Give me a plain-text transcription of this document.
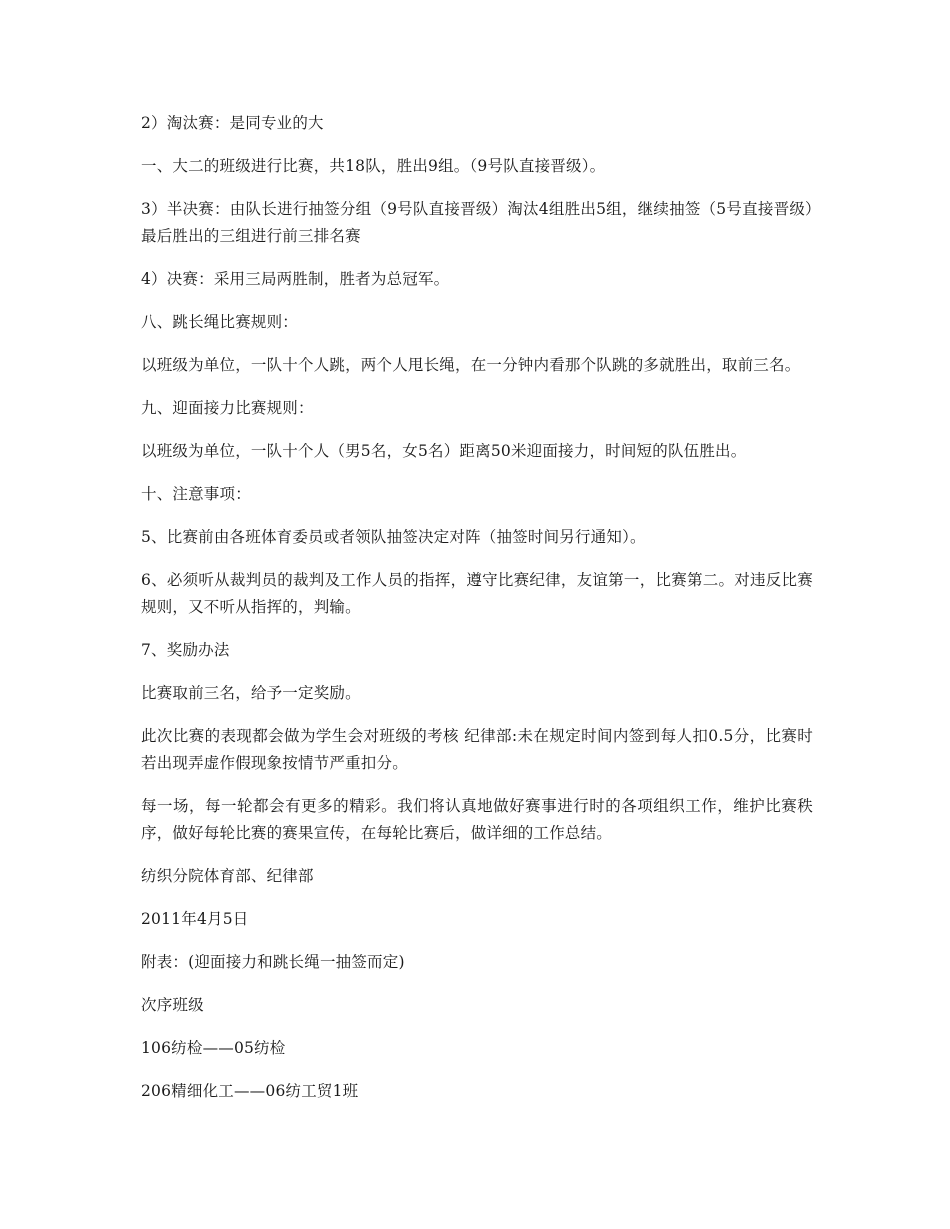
2）淘汰赛：是同专业的大

一、大二的班级进行比赛，共18队，胜出9组。（9号队直接晋级）。

3）半决赛：由队长进行抽签分组（9号队直接晋级）淘汰4组胜出5组，继续抽签（5号直接晋级）最后胜出的三组进行前三排名赛

4）决赛：采用三局两胜制，胜者为总冠军。

八、跳长绳比赛规则：

以班级为单位，一队十个人跳，两个人甩长绳，在一分钟内看那个队跳的多就胜出，取前三名。

九、迎面接力比赛规则：

以班级为单位，一队十个人（男5名，女5名）距离50米迎面接力，时间短的队伍胜出。

十、注意事项：

5、比赛前由各班体育委员或者领队抽签决定对阵（抽签时间另行通知）。

6、必须听从裁判员的裁判及工作人员的指挥，遵守比赛纪律，友谊第一，比赛第二。对违反比赛规则，又不听从指挥的，判输。

7、奖励办法

比赛取前三名，给予一定奖励。

此次比赛的表现都会做为学生会对班级的考核 纪律部:未在规定时间内签到每人扣0.5分，比赛时若出现弄虚作假现象按情节严重扣分。

每一场，每一轮都会有更多的精彩。我们将认真地做好赛事进行时的各项组织工作，维护比赛秩序，做好每轮比赛的赛果宣传，在每轮比赛后，做详细的工作总结。

纺织分院体育部、纪律部

2011年4月5日

附表：(迎面接力和跳长绳一抽签而定)

次序班级

106纺检——05纺检

206精细化工——06纺工贸1班
